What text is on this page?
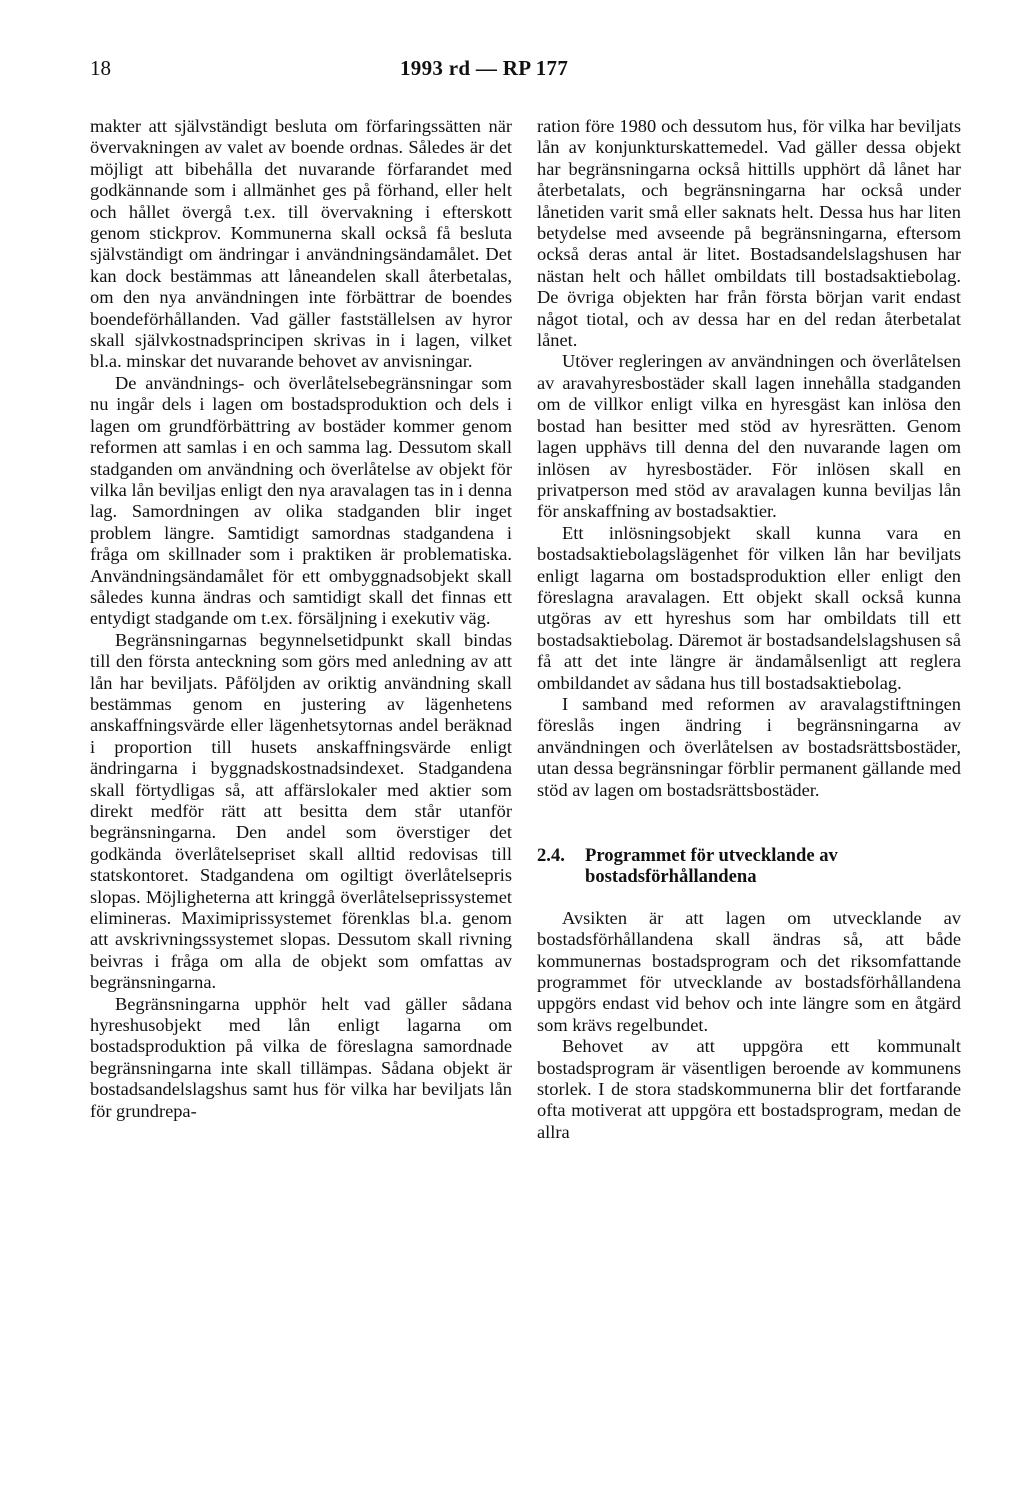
18	1993 rd — RP 177

makter att självständigt besluta om förfaringssätten när övervakningen av valet av boende ordnas. Således är det möjligt att bibehålla det nuvarande förfarandet med godkännande som i allmänhet ges på förhand, eller helt och hållet övergå t.ex. till övervakning i efterskott genom stickprov. Kommunerna skall också få besluta självständigt om ändringar i användningsändamålet. Det kan dock bestämmas att låneandelen skall återbetalas, om den nya användningen inte förbättrar de boendes boendeförhållanden. Vad gäller fastställelsen av hyror skall självkostnadsprincipen skrivas in i lagen, vilket bl.a. minskar det nuvarande behovet av anvisningar.

De användnings- och överlåtelsebegränsningar som nu ingår dels i lagen om bostadsproduktion och dels i lagen om grundförbättring av bostäder kommer genom reformen att samlas i en och samma lag. Dessutom skall stadganden om användning och överlåtelse av objekt för vilka lån beviljas enligt den nya aravalagen tas in i denna lag. Samordningen av olika stadganden blir inget problem längre. Samtidigt samordnas stadgandena i fråga om skillnader som i praktiken är problematiska. Användningsändamålet för ett ombyggnadsobjekt skall således kunna ändras och samtidigt skall det finnas ett entydigt stadgande om t.ex. försäljning i exekutiv väg.

Begränsningarnas begynnelsetidpunkt skall bindas till den första anteckning som görs med anledning av att lån har beviljats. Påföljden av oriktig användning skall bestämmas genom en justering av lägenhetens anskaffningsvärde eller lägenhetsytornas andel beräknad i proportion till husets anskaffningsvärde enligt ändringarna i byggnadskostnadsindexet. Stadgandena skall förtydligas så, att affärslokaler med aktier som direkt medför rätt att besitta dem står utanför begränsningarna. Den andel som överstiger det godkända överlåtelsepriset skall alltid redovisas till statskontoret. Stadgandena om ogiltigt överlåtelsepris slopas. Möjligheterna att kringgå överlåtelseprissystemet elimineras. Maximiprissystemet förenklas bl.a. genom att avskrivningssystemet slopas. Dessutom skall rivning beivras i fråga om alla de objekt som omfattas av begränsningarna.

Begränsningarna upphör helt vad gäller sådana hyreshusobjekt med lån enligt lagarna om bostadsproduktion på vilka de föreslagna samordnade begränsningarna inte skall tillämpas. Sådana objekt är bostadsandelslagshus samt hus för vilka har beviljats lån för grundrepa-

ration före 1980 och dessutom hus, för vilka har beviljats lån av konjunkturskattemedel. Vad gäller dessa objekt har begränsningarna också hittills upphört då lånet har återbetalats, och begränsningarna har också under lånetiden varit små eller saknats helt. Dessa hus har liten betydelse med avseende på begränsningarna, eftersom också deras antal är litet. Bostadsandelslagshusen har nästan helt och hållet ombildats till bostadsaktiebolag. De övriga objekten har från första början varit endast något tiotal, och av dessa har en del redan återbetalat lånet.

Utöver regleringen av användningen och överlåtelsen av aravahyresbostäder skall lagen innehålla stadganden om de villkor enligt vilka en hyresgäst kan inlösa den bostad han besitter med stöd av hyresrätten. Genom lagen upphävs till denna del den nuvarande lagen om inlösen av hyresbostäder. För inlösen skall en privatperson med stöd av aravalagen kunna beviljas lån för anskaffning av bostadsaktier.

Ett inlösningsobjekt skall kunna vara en bostadsaktiebolagslägenhet för vilken lån har beviljats enligt lagarna om bostadsproduktion eller enligt den föreslagna aravalagen. Ett objekt skall också kunna utgöras av ett hyreshus som har ombildats till ett bostadsaktiebolag. Däremot är bostadsandelslagshusen så få att det inte längre är ändamålsenligt att reglera ombildandet av sådana hus till bostadsaktiebolag.

I samband med reformen av aravalagstiftningen föreslås ingen ändring i begränsningarna av användningen och överlåtelsen av bostadsrättsbostäder, utan dessa begränsningar förblir permanent gällande med stöd av lagen om bostadsrättsbostäder.

2.4.	Programmet för utvecklande av bostadsförhållandena

Avsikten är att lagen om utvecklande av bostadsförhållandena skall ändras så, att både kommunernas bostadsprogram och det riksomfattande programmet för utvecklande av bostadsförhållandena uppgörs endast vid behov och inte längre som en åtgärd som krävs regelbundet.

Behovet av att uppgöra ett kommunalt bostadsprogram är väsentligen beroende av kommunens storlek. I de stora stadskommunerna blir det fortfarande ofta motiverat att uppgöra ett bostadsprogram, medan de allra
